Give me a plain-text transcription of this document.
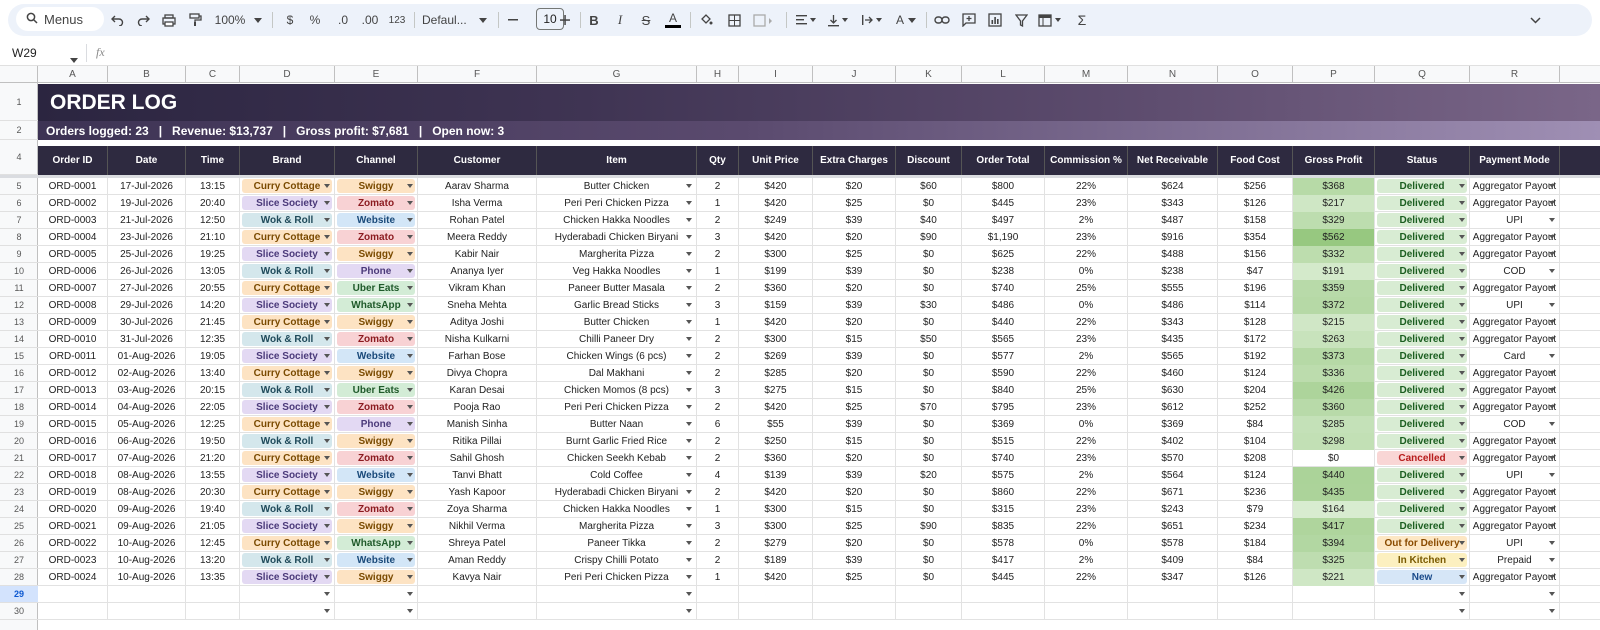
Menus	100%	$ % .0 .00 123 Defaul...	10	B	I	S	A	A	Σ
W29	fx
A	B	C	D	E	F	G	H	I	J	K	L	M	N	O	P	Q	R
1
2
4
5
6
7
8
9
10
11
12
13
14
15
16
17
18
19
20
21
22
23
24
25
26
27
28
29
30
ORDER LOG
Orders logged: 23   |   Revenue: $13,737   |   Gross profit: $7,681   |   Open now: 3
Order ID	Date	Time	Brand	Channel	Customer	Item	Qty	Unit Price	Extra Charges	Discount	Order Total	Commission %	Net Receivable	Food Cost	Gross Profit	Status	Payment Mode
ORD-0001 17-Jul-2026	13:15	Curry Cottage	Swiggy	Aarav Sharma	Butter Chicken	2	$420	$20	$60	$800	22%	$624	$256	$368	Delivered	Aggregator Payout
ORD-0002 19-Jul-2026	20:40	Slice Society	Zomato	Isha Verma	Peri Peri Chicken Pizza	1	$420	$25	$0	$445	23%	$343	$126	$217	Delivered	Aggregator Payout
ORD-0003 21-Jul-2026	12:50	Wok & Roll	Website	Rohan Patel	Chicken Hakka Noodles	2	$249	$39	$40	$497	2%	$487	$158	$329	Delivered	UPI
ORD-0004 23-Jul-2026	21:10	Curry Cottage	Zomato	Meera Reddy	Hyderabadi Chicken Biryani	3	$420	$20	$90	$1,190	23%	$916	$354	$562	Delivered	Aggregator Payout
ORD-0005 25-Jul-2026	19:25	Slice Society	Swiggy	Kabir Nair	Margherita Pizza	2	$300	$25	$0	$625	22%	$488	$156	$332	Delivered	Aggregator Payout
ORD-0006 26-Jul-2026	13:05	Wok & Roll	Phone	Ananya Iyer	Veg Hakka Noodles	1	$199	$39	$0	$238	0%	$238	$47	$191	Delivered	COD
ORD-0007 27-Jul-2026	20:55	Curry Cottage	Uber Eats	Vikram Khan	Paneer Butter Masala	2	$360	$20	$0	$740	25%	$555	$196	$359	Delivered	Aggregator Payout
ORD-0008 29-Jul-2026	14:20	Slice Society	WhatsApp	Sneha Mehta	Garlic Bread Sticks	3	$159	$39	$30	$486	0%	$486	$114	$372	Delivered	UPI
ORD-0009 30-Jul-2026	21:45	Curry Cottage	Swiggy	Aditya Joshi	Butter Chicken	1	$420	$20	$0	$440	22%	$343	$128	$215	Delivered	Aggregator Payout
ORD-0010 31-Jul-2026	12:35	Wok & Roll	Zomato	Nisha Kulkarni	Chilli Paneer Dry	2	$300	$15	$50	$565	23%	$435	$172	$263	Delivered	Aggregator Payout
ORD-0011 01-Aug-2026 19:05	Slice Society	Website	Farhan Bose	Chicken Wings (6 pcs)	2	$269	$39	$0	$577	2%	$565	$192	$373	Delivered	Card
ORD-0012 02-Aug-2026 13:40	Curry Cottage	Swiggy	Divya Chopra	Dal Makhani	2	$285	$20	$0	$590	22%	$460	$124	$336	Delivered	Aggregator Payout
ORD-0013 03-Aug-2026 20:15	Wok & Roll	Uber Eats	Karan Desai	Chicken Momos (8 pcs)	3	$275	$15	$0	$840	25%	$630	$204	$426	Delivered	Aggregator Payout
ORD-0014 04-Aug-2026 22:05	Slice Society	Zomato	Pooja Rao	Peri Peri Chicken Pizza	2	$420	$25	$70	$795	23%	$612	$252	$360	Delivered	Aggregator Payout
ORD-0015 05-Aug-2026 12:25	Curry Cottage	Phone	Manish Sinha	Butter Naan	6	$55	$39	$0	$369	0%	$369	$84	$285	Delivered	COD
ORD-0016 06-Aug-2026 19:50	Wok & Roll	Swiggy	Ritika Pillai	Burnt Garlic Fried Rice	2	$250	$15	$0	$515	22%	$402	$104	$298	Delivered	Aggregator Payout
ORD-0017 07-Aug-2026 21:20	Curry Cottage	Zomato	Sahil Ghosh	Chicken Seekh Kebab	2	$360	$20	$0	$740	23%	$570	$208	$0	Cancelled	Aggregator Payout
ORD-0018 08-Aug-2026 13:55	Slice Society	Website	Tanvi Bhatt	Cold Coffee	4	$139	$39	$20	$575	2%	$564	$124	$440	Delivered	UPI
ORD-0019 08-Aug-2026 20:30	Curry Cottage	Swiggy	Yash Kapoor	Hyderabadi Chicken Biryani	2	$420	$20	$0	$860	22%	$671	$236	$435	Delivered	Aggregator Payout
ORD-0020 09-Aug-2026 19:40	Wok & Roll	Zomato	Zoya Sharma	Chicken Hakka Noodles	1	$300	$15	$0	$315	23%	$243	$79	$164	Delivered	Aggregator Payout
ORD-0021 09-Aug-2026 21:05	Slice Society	Swiggy	Nikhil Verma	Margherita Pizza	3	$300	$25	$90	$835	22%	$651	$234	$417	Delivered	Aggregator Payout
ORD-0022 10-Aug-2026 12:45	Curry Cottage	WhatsApp	Shreya Patel	Paneer Tikka	2	$279	$20	$0	$578	0%	$578	$184	$394	Out for Delivery	UPI
ORD-0023 10-Aug-2026 13:20	Wok & Roll	Website	Aman Reddy	Crispy Chilli Potato	2	$189	$39	$0	$417	2%	$409	$84	$325	In Kitchen	Prepaid
ORD-0024 10-Aug-2026 13:35	Slice Society	Swiggy	Kavya Nair	Peri Peri Chicken Pizza	1	$420	$25	$0	$445	22%	$347	$126	$221	New	Aggregator Payout
